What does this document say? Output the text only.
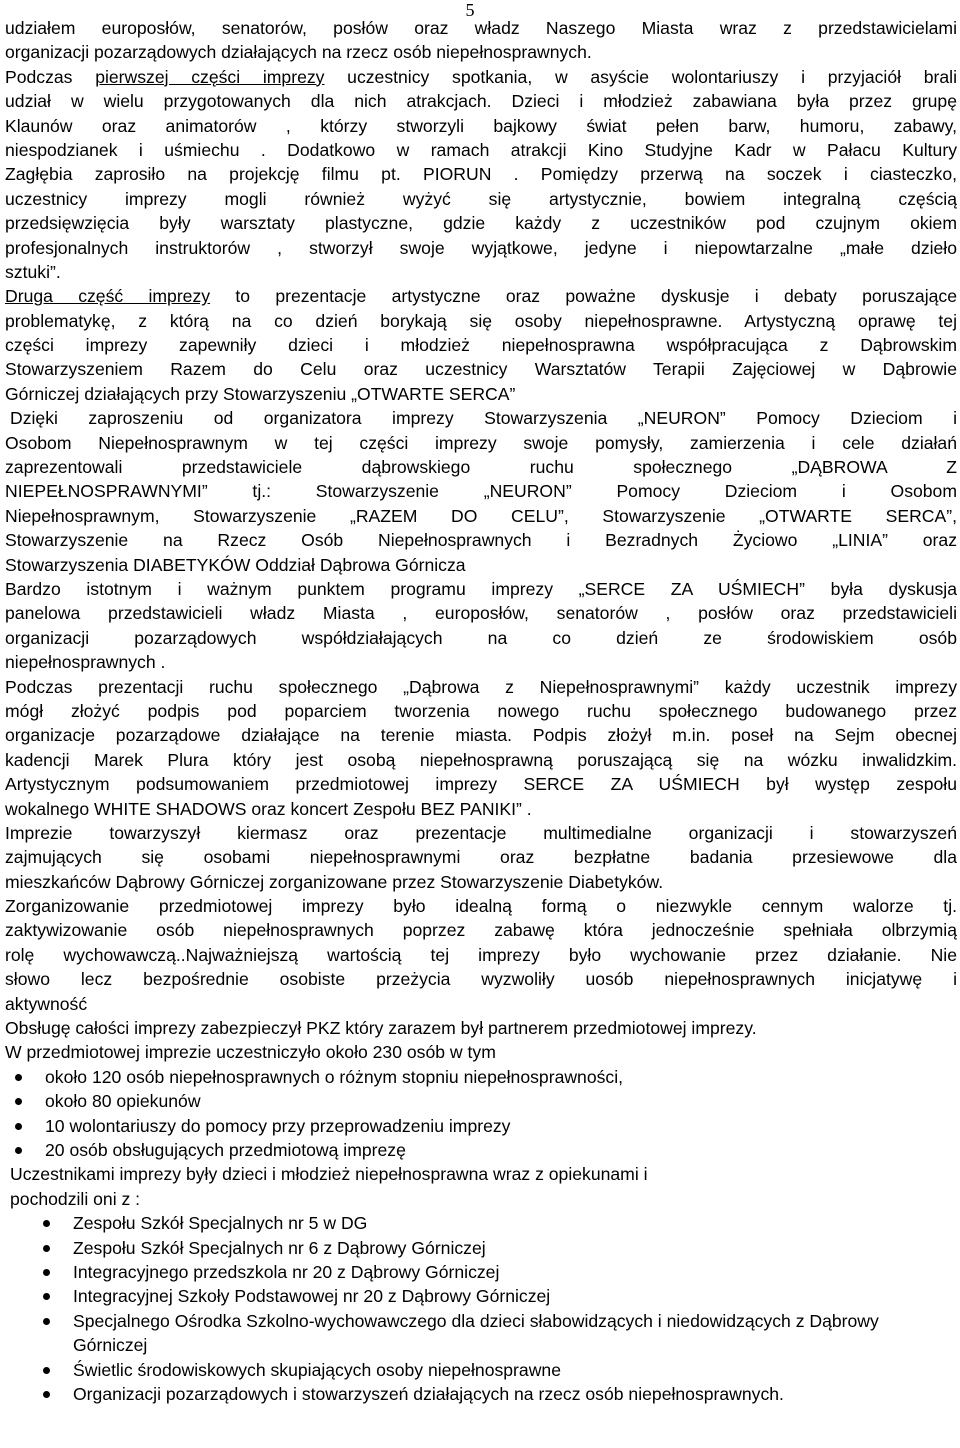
5
udziałem europosłów, senatorów, posłów oraz władz Naszego Miasta wraz z przedstawicielami
organizacji pozarządowych działających na rzecz osób niepełnosprawnych.
Podczas pierwszej części imprezy uczestnicy spotkania, w asyście wolontariuszy i przyjaciół brali
udział w wielu przygotowanych dla nich atrakcjach. Dzieci i młodzież zabawiana była przez grupę
Klaunów oraz animatorów , którzy stworzyli bajkowy świat pełen barw, humoru, zabawy,
niespodzianek i uśmiechu . Dodatkowo w ramach atrakcji Kino Studyjne Kadr w Pałacu Kultury
Zagłębia zaprosiło na projekcję filmu pt. PIORUN . Pomiędzy przerwą na soczek i ciasteczko,
uczestnicy imprezy mogli również wyżyć się artystycznie, bowiem integralną częścią
przedsięwzięcia były warsztaty plastyczne, gdzie każdy z uczestników pod czujnym okiem
profesjonalnych instruktorów , stworzył swoje wyjątkowe, jedyne i niepowtarzalne „małe dzieło
sztuki”.
Druga część imprezy to prezentacje artystyczne oraz poważne dyskusje i debaty poruszające
problematykę, z którą na co dzień borykają się osoby niepełnosprawne. Artystyczną oprawę tej
części imprezy zapewniły dzieci i młodzież niepełnosprawna współpracująca z Dąbrowskim
Stowarzyszeniem Razem do Celu oraz uczestnicy Warsztatów Terapii Zajęciowej w Dąbrowie
Górniczej działających przy Stowarzyszeniu „OTWARTE SERCA”
Dzięki zaproszeniu od organizatora imprezy Stowarzyszenia „NEURON” Pomocy Dzieciom i
Osobom Niepełnosprawnym w tej części imprezy swoje pomysły, zamierzenia i cele działań
zaprezentowali przedstawiciele dąbrowskiego ruchu społecznego „DĄBROWA Z
NIEPEŁNOSPRAWNYMI” tj.: Stowarzyszenie „NEURON” Pomocy Dzieciom i Osobom
Niepełnosprawnym, Stowarzyszenie „RAZEM DO CELU”, Stowarzyszenie „OTWARTE SERCA”,
Stowarzyszenie na Rzecz Osób Niepełnosprawnych i Bezradnych Życiowo „LINIA” oraz
Stowarzyszenia DIABETYKÓW Oddział Dąbrowa Górnicza
Bardzo istotnym i ważnym punktem programu imprezy „SERCE ZA UŚMIECH” była dyskusja
panelowa przedstawicieli władz Miasta , europosłów, senatorów , posłów oraz przedstawicieli
organizacji pozarządowych współdziałających na co dzień ze środowiskiem osób
niepełnosprawnych .
Podczas prezentacji ruchu społecznego „Dąbrowa z Niepełnosprawnymi” każdy uczestnik imprezy
mógł złożyć podpis pod poparciem tworzenia nowego ruchu społecznego budowanego przez
organizacje pozarządowe działające na terenie miasta. Podpis złożył m.in. poseł na Sejm obecnej
kadencji Marek Plura który jest osobą niepełnosprawną poruszającą się na wózku inwalidzkim.
Artystycznym podsumowaniem przedmiotowej imprezy SERCE ZA UŚMIECH był występ zespołu
wokalnego WHITE SHADOWS oraz koncert Zespołu BEZ PANIKI” .
Imprezie towarzyszył kiermasz oraz prezentacje multimedialne organizacji i stowarzyszeń
zajmujących się osobami niepełnosprawnymi oraz bezpłatne badania przesiewowe dla
mieszkańców Dąbrowy Górniczej zorganizowane przez Stowarzyszenie Diabetyków.
Zorganizowanie przedmiotowej imprezy było idealną formą o niezwykle cennym walorze tj.
zaktywizowanie osób niepełnosprawnych poprzez zabawę która jednocześnie spełniała olbrzymią
rolę wychowawczą..Najważniejszą wartością tej imprezy było wychowanie przez działanie. Nie
słowo lecz bezpośrednie osobiste przeżycia wyzwoliły uosób niepełnosprawnych inicjatywę i
aktywność
Obsługę całości imprezy zabezpieczył PKZ który zarazem był partnerem przedmiotowej imprezy.
W przedmiotowej imprezie uczestniczyło około 230 osób w tym
około 120 osób niepełnosprawnych o różnym stopniu niepełnosprawności,
około 80 opiekunów
10 wolontariuszy do pomocy przy przeprowadzeniu imprezy
20 osób obsługujących przedmiotową imprezę
Uczestnikami imprezy były dzieci i młodzież niepełnosprawna wraz z opiekunami i
pochodzili oni z :
Zespołu Szkół Specjalnych nr 5 w DG
Zespołu Szkół Specjalnych nr 6 z Dąbrowy Górniczej
Integracyjnego przedszkola nr 20 z Dąbrowy Górniczej
Integracyjnej Szkoły Podstawowej nr 20 z Dąbrowy Górniczej
Specjalnego Ośrodka Szkolno-wychowawczego dla dzieci słabowidzących i niedowidzących z Dąbrowy Górniczej
Świetlic środowiskowych skupiających osoby niepełnosprawne
Organizacji pozarządowych i stowarzyszeń działających na rzecz osób niepełnosprawnych.
